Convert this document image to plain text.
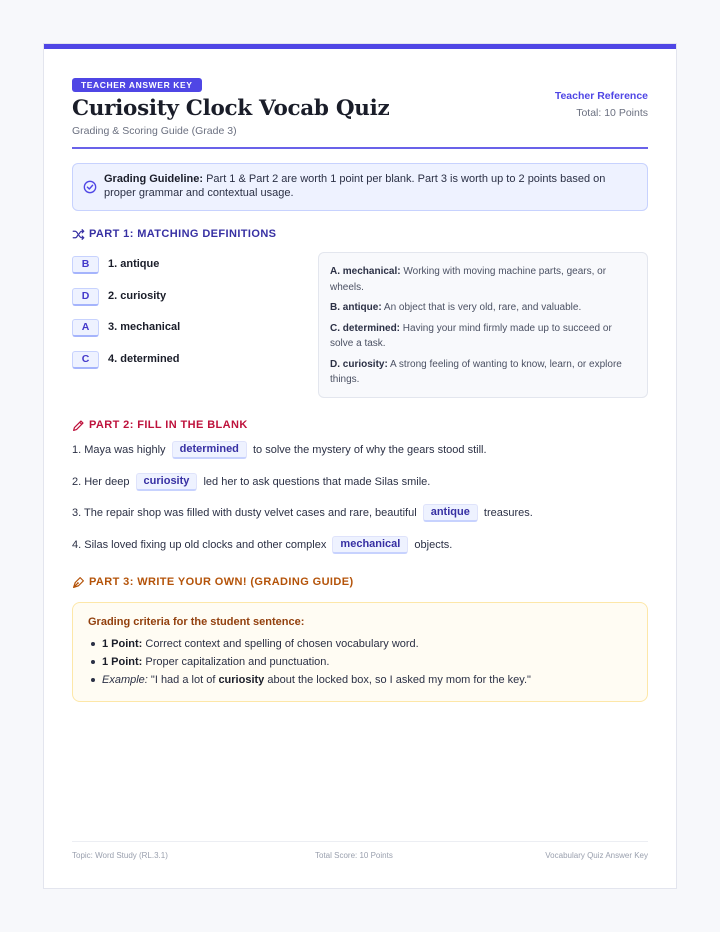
TEACHER ANSWER KEY
Curiosity Clock Vocab Quiz
Grading & Scoring Guide (Grade 3)
Teacher Reference
Total: 10 Points
Grading Guideline: Part 1 & Part 2 are worth 1 point per blank. Part 3 is worth up to 2 points based on proper grammar and contextual usage.
PART 1: MATCHING DEFINITIONS
B	1. antique
D	2. curiosity
A	3. mechanical
C	4. determined
A. mechanical: Working with moving machine parts, gears, or wheels.
B. antique: An object that is very old, rare, and valuable.
C. determined: Having your mind firmly made up to succeed or solve a task.
D. curiosity: A strong feeling of wanting to know, learn, or explore things.
PART 2: FILL IN THE BLANK
1. Maya was highly determined to solve the mystery of why the gears stood still.
2. Her deep curiosity led her to ask questions that made Silas smile.
3. The repair shop was filled with dusty velvet cases and rare, beautiful antique treasures.
4. Silas loved fixing up old clocks and other complex mechanical objects.
PART 3: WRITE YOUR OWN! (GRADING GUIDE)
Grading criteria for the student sentence:
1 Point: Correct context and spelling of chosen vocabulary word.
1 Point: Proper capitalization and punctuation.
Example: "I had a lot of curiosity about the locked box, so I asked my mom for the key."
Topic: Word Study (RL.3.1)	Total Score: 10 Points	Vocabulary Quiz Answer Key
